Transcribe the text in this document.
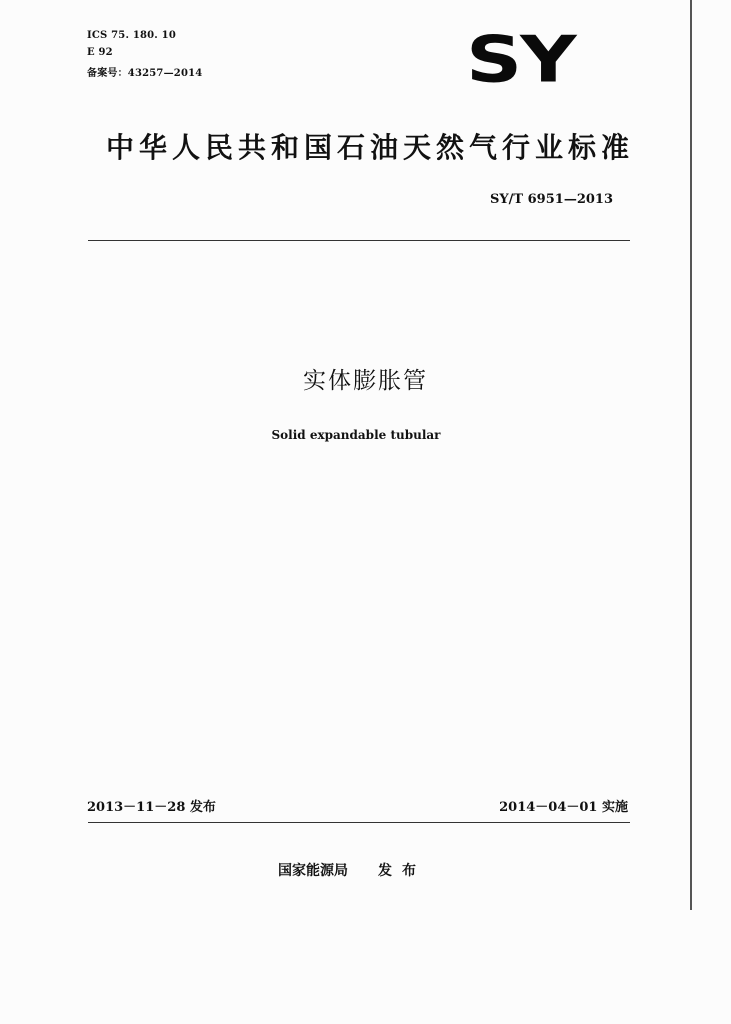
ICS 75. 180. 10
E 92
备案号：43257—2014	SY
中华人民共和国石油天然气行业标准
SY/T 6951—2013
实体膨胀管
Solid expandable tubular
2013－11－28 发布	2014－04－01 实施
国家能源局 发布
